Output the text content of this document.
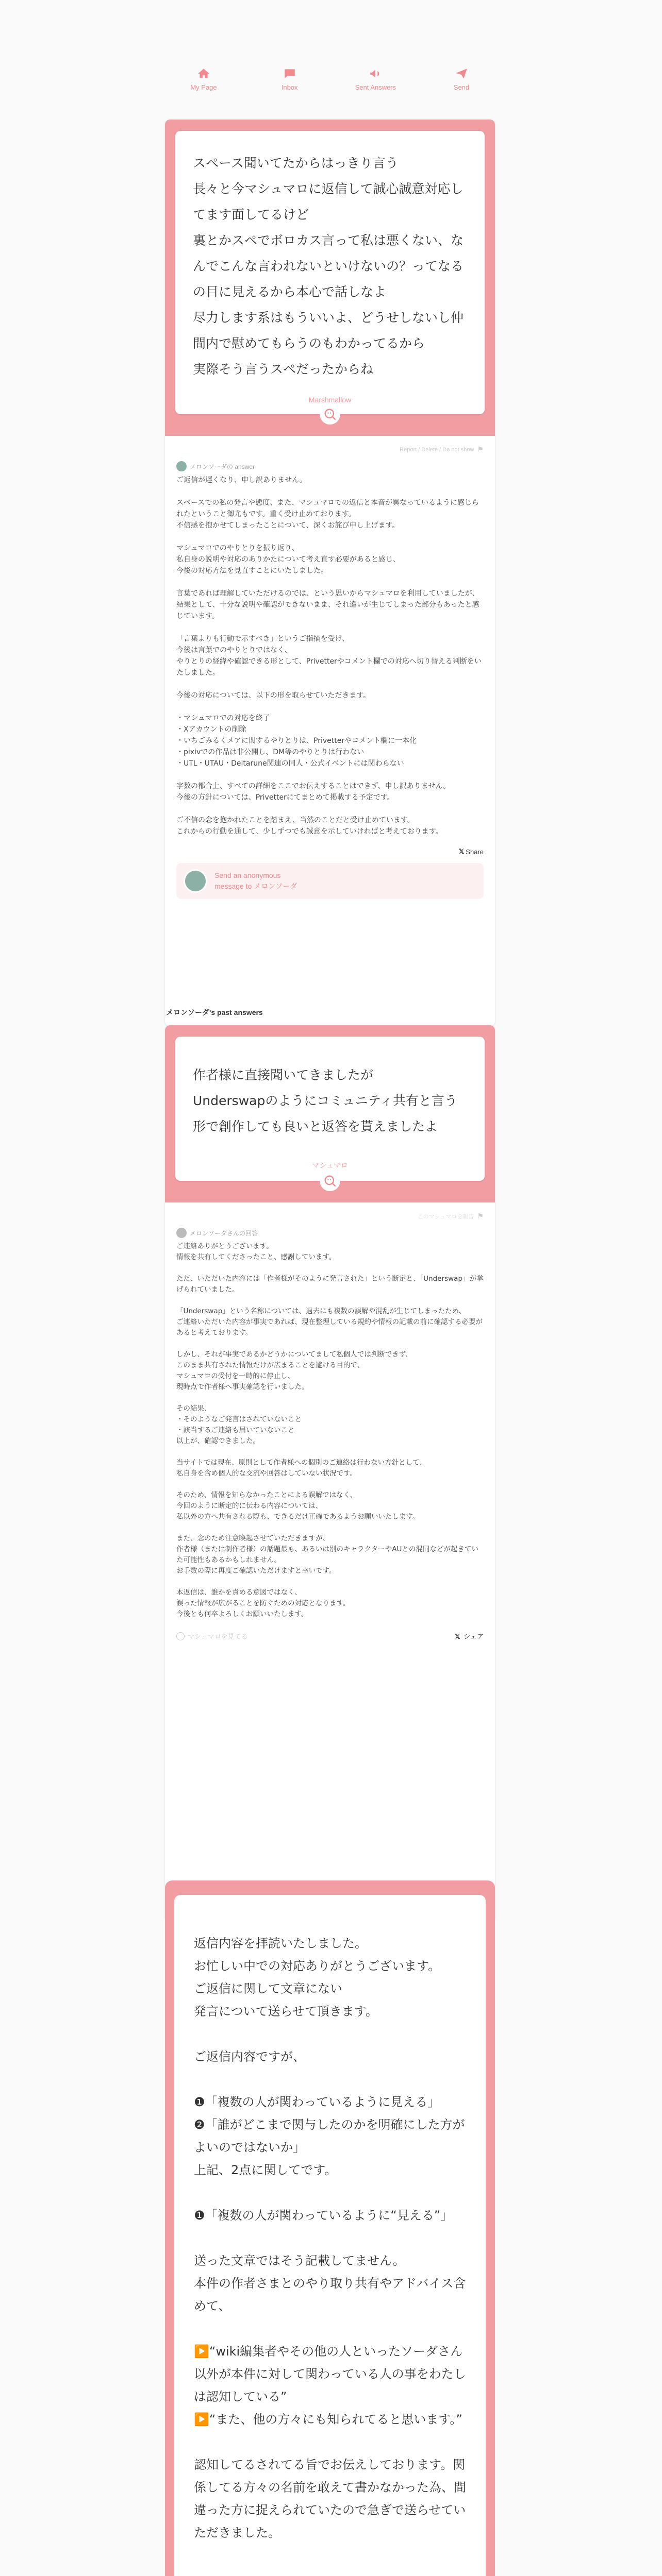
My Page	Inbox	Sent Answers	Send
スペース聞いてたからはっきり言う
長々と今マシュマロに返信して誠心誠意対応してます面してるけど
裏とかスペでボロカス言って私は悪くない、なんでこんな言われないといけないの？ってなるの目に見えるから本心で話しなよ
尽力します系はもういいよ、どうせしないし仲間内で慰めてもらうのもわかってるから
実際そう言うスペだったからね
Marshmallow
Report / Delete / Do not show ⚑
メロンソーダの answer
ご返信が遅くなり、申し訳ありません。

スペースでの私の発言や態度、また、マシュマロでの返信と本音が異なっているように感じられたということ御尤もです。重く受け止めております。
不信感を抱かせてしまったことについて、深くお詫び申し上げます。

マシュマロでのやりとりを振り返り、
私自身の説明や対応のありかたについて考え直す必要があると感じ、
今後の対応方法を見直すことにいたしました。

言葉であれば理解していただけるのでは、という思いからマシュマロを利用していましたが、
結果として、十分な説明や確認ができないまま、それ違いが生じてしまった部分もあったと感じています。

「言葉よりも行動で示すべき」というご指摘を受け、
今後は言葉でのやりとりではなく、
やりとりの経緯や確認できる形として、Privetterやコメント欄での対応へ切り替える判断をいたしました。

今後の対応については、以下の形を取らせていただきます。

・マシュマロでの対応を終了
・Xアカウントの削除
・いちごみるくメアに関するやりとりは、Privetterやコメント欄に一本化
・pixivでの作品は非公開し、DM等のやりとりは行わない
・UTL・UTAU・Deltarune関連の同人・公式イベントには関わらない

字数の都合上、すべての詳細をここでお伝えすることはできず、申し訳ありません。
今後の方針については、Privetterにてまとめて掲載する予定です。

ご不信の念を抱かれたことを踏まえ、当然のことだと受け止めています。
これからの行動を通して、少しずつでも誠意を示していければと考えております。
𝕏 Share
Send an anonymous
message to メロンソーダ
メロンソーダ's past answers
作者様に直接聞いてきましたが
Underswapのようにコミュニティ共有と言う形で創作しても良いと返答を貰えましたよ
マシュマロ
このマシュマロを報告 ⚑
メロンソーダさんの回答
ご連絡ありがとうございます。
情報を共有してくださったこと、感謝しています。

ただ、いただいた内容には「作者様がそのように発言された」という断定と、「Underswap」が挙げられていました。

「Underswap」という名称については、過去にも複数の誤解や混乱が生じてしまったため、
ご連絡いただいた内容が事実であれば、現在整理している規約や情報の記載の前に確認する必要があると考えております。

しかし、それが事実であるかどうかについてまして私個人では判断できず、
このまま共有された情報だけが広まることを避ける目的で、
マシュマロの受付を一時的に停止し、
現時点で作者様へ事実確認を行いました。

その結果、
・そのようなご発言はされていないこと
・該当するご連絡も届いていないこと
以上が、確認できました。

当サイトでは現在、原則として作者様への個別のご連絡は行わない方針として、
私自身を含め個人的な交流や回答はしていない状況です。

そのため、情報を知らなかったことによる誤解ではなく、
今回のように断定的に伝わる内容については、
私以外の方へ共有される際も、できるだけ正確であるようお願いいたします。

また、念のため注意喚起させていただきますが、
作者様（または制作者様）の話題最も、あるいは別のキャラクターやAUとの混同などが起きていた可能性もあるかもしれません。
お手数の際に再度ご確認いただけますと幸いです。

本返信は、誰かを責める意図ではなく、
誤った情報が広がることを防ぐための対応となります。
今後とも何卒よろしくお願いいたします。
マシュマロを見てる	𝕏 シェア
返信内容を拝読いたしました。
お忙しい中での対応ありがとうございます。
ご返信に関して文章にない
発言について送らせて頂きます。

ご返信内容ですが、

❶「複数の人が関わっているように見える」
❷「誰がどこまで関与したのかを明確にした方がよいのではないか」
上記、2点に関してです。

❶「複数の人が関わっているように“見える”」

送った文章ではそう記載してません。
本件の作者さまとのやり取り共有やアドバイス含めて、

▶️“wiki編集者やその他の人といったソーダさん以外が本件に対して関わっている人の事をわたしは認知している”
▶️“また、他の方々にも知られてると思います。”

認知してるされてる旨でお伝えしております。関係してる方々の名前を敢えて書かなかった為、間違った方に捉えられていたので急ぎで送らせていただきました。
